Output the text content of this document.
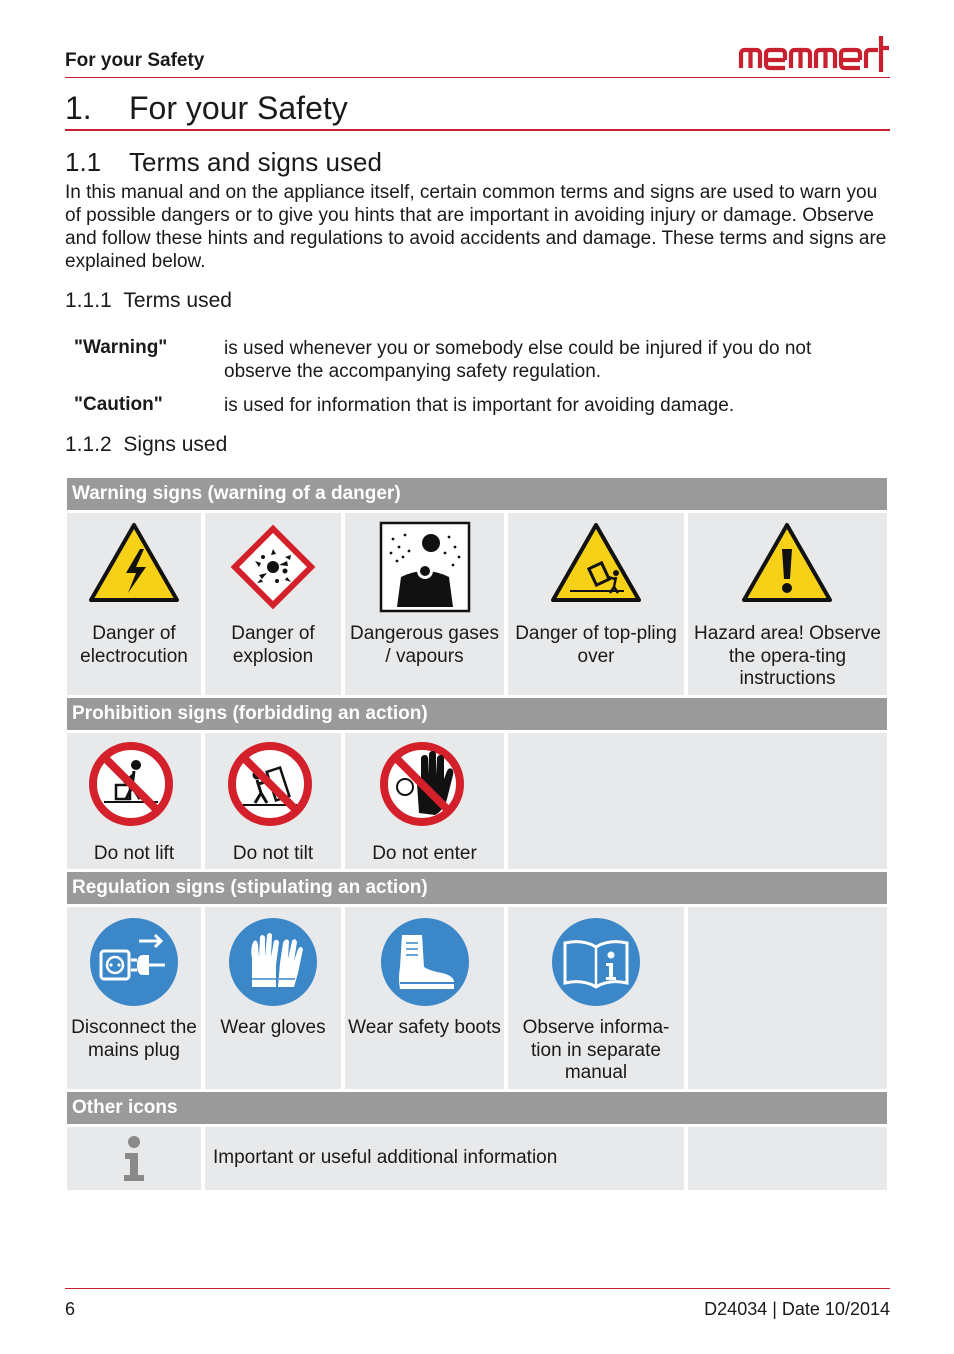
For your Safety
1. For your Safety
1.1 Terms and signs used
In this manual and on the appliance itself, certain common terms and signs are used to warn you of possible dangers or to give you hints that are important in avoiding injury or damage. Observe and follow these hints and regulations to avoid accidents and damage. These terms and signs are explained below.
1.1.1 Terms used
"Warning"	is used whenever you or somebody else could be injured if you do not observe the accompanying safety regulation.
"Caution"	is used for information that is important for avoiding damage.
1.1.2 Signs used
Warning signs (warning of a danger)
Danger of electrocution
Danger of explosion
Dangerous gases / vapours
Danger of top-pling over
Hazard area! Observe the opera-ting instructions
Prohibition signs (forbidding an action)
Do not lift	Do not tilt	Do not enter
Regulation signs (stipulating an action)
Disconnect the mains plug
Wear gloves	Wear safety boots	Observe informa-tion in separate manual
Other icons
Important or useful additional information
6	D24034 | Date 10/2014
